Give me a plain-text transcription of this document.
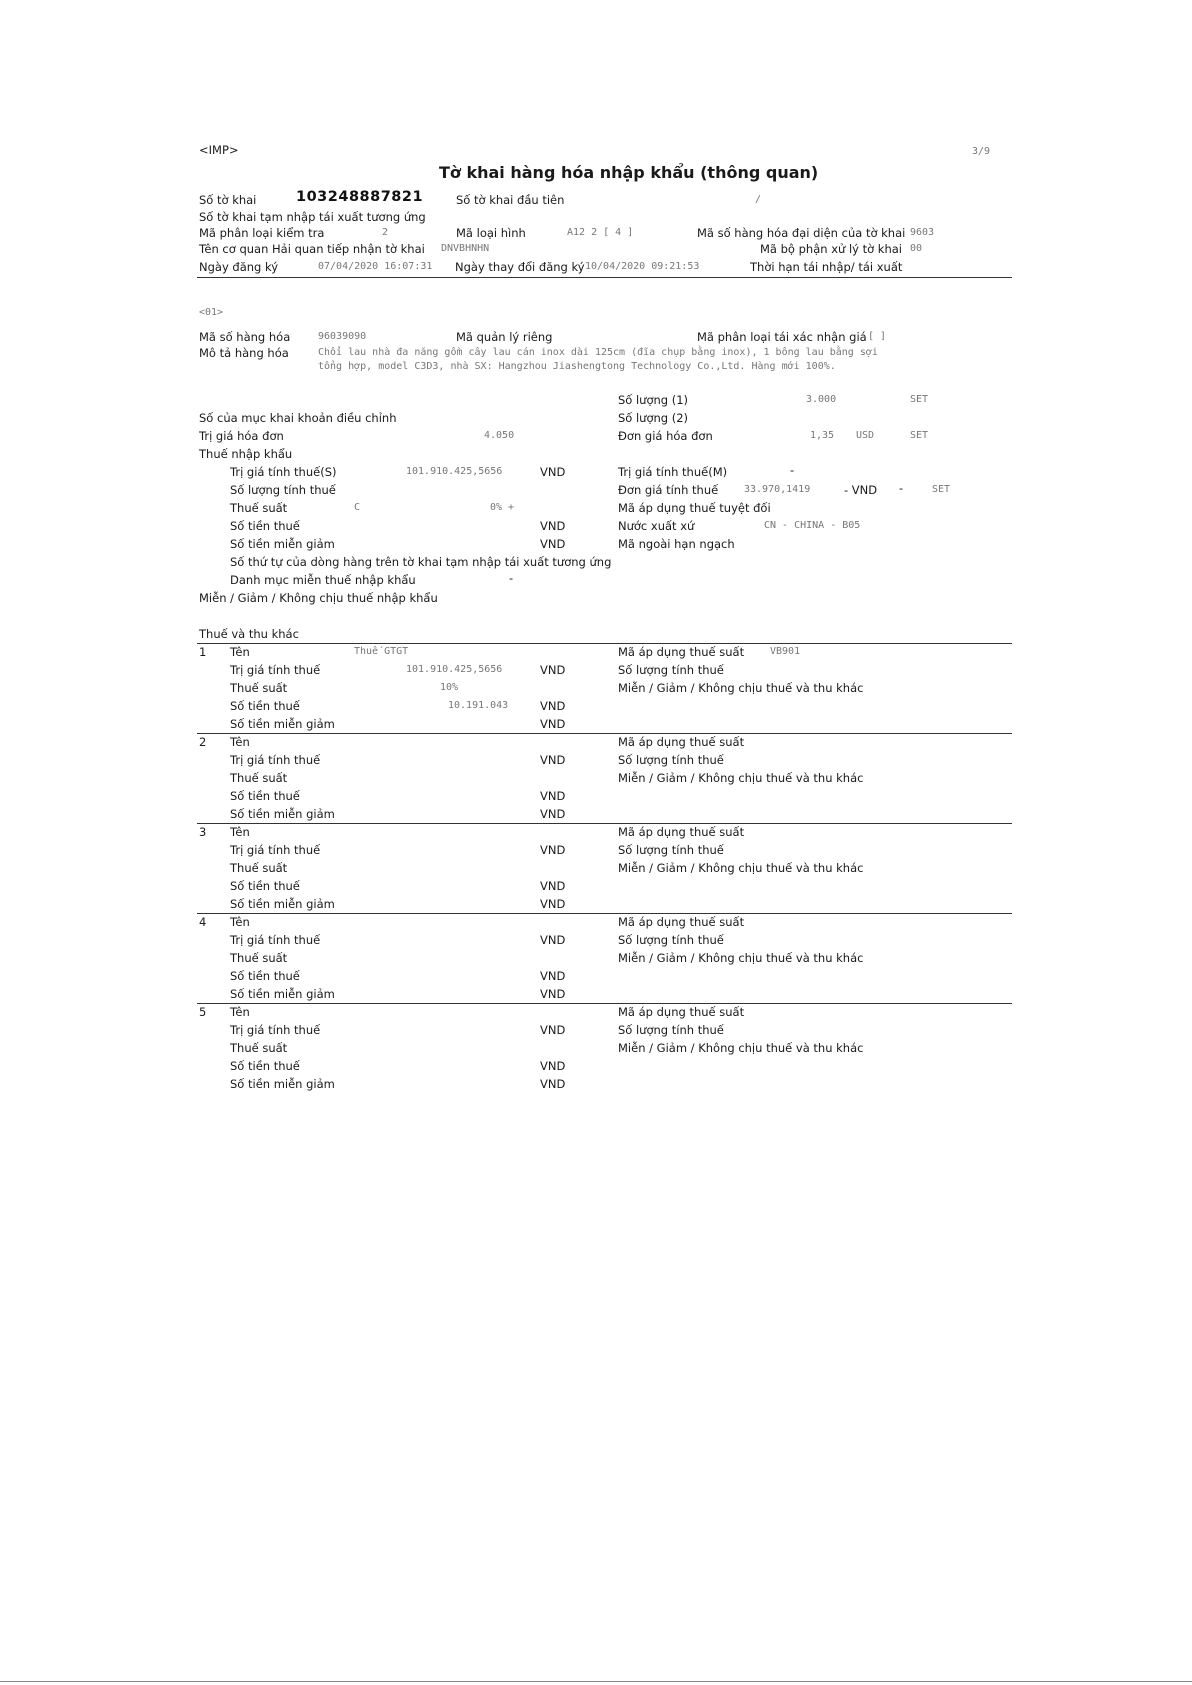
<IMP>	3/9
Tờ khai hàng hóa nhập khẩu (thông quan)
Số tờ khai	103248887821	Số tờ khai đầu tiên	/
Số tờ khai tạm nhập tái xuất tương ứng
Mã phân loại kiểm tra	2	Mã loại hình	A12 2 [ 4 ]	Mã số hàng hóa đại diện của tờ khai 9603
Tên cơ quan Hải quan tiếp nhận tờ khai DNVBHNHN	Mã bộ phận xử lý tờ khai 00
Ngày đăng ký	07/04/2020 16:07:31 Ngày thay đổi đăng ký 10/04/2020 09:21:53	Thời hạn tái nhập/ tái xuất
<01>
Mã số hàng hóa	96039090	Mã quản lý riêng	Mã phân loại tái xác nhận giá [ ]
Mô tả hàng hóa	Chổi lau nhà đa năng gồm cây lau cán inox dài 125cm (đĩa chụp bằng inox), 1 bông lau bằng sợi
tổng hợp, model C3D3, nhà SX: Hangzhou Jiashengtong Technology Co.,Ltd. Hàng mới 100%.
Số lượng (1)	3.000	SET
Số của mục khai khoản điều chỉnh	Số lượng (2)
Trị giá hóa đơn	4.050	Đơn giá hóa đơn	1,35 USD	SET
Thuế nhập khẩu
Trị giá tính thuế(S)	101.910.425,5656	VND	Trị giá tính thuế(M)	-
Số lượng tính thuế	Đơn giá tính thuế	33.970,1419	- VND -	SET
Thuế suất	C	0% +	Mã áp dụng thuế tuyệt đối
Số tiền thuế	VND	Nước xuất xứ	CN - CHINA - B05
Số tiền miễn giảm	VND	Mã ngoài hạn ngạch
Số thứ tự của dòng hàng trên tờ khai tạm nhập tái xuất tương ứng
Danh mục miễn thuế nhập khẩu	-
Miễn / Giảm / Không chịu thuế nhập khẩu
Thuế và thu khác
1 Tên	Thuế GTGT	Mã áp dụng thuế suất	VB901
Trị giá tính thuế	101.910.425,5656	VND	Số lượng tính thuế
Thuế suất	10%	Miễn / Giảm / Không chịu thuế và thu khác
Số tiền thuế	10.191.043	VND
Số tiền miễn giảm	VND
2 Tên	Mã áp dụng thuế suất
Trị giá tính thuế	VND	Số lượng tính thuế
Thuế suất	Miễn / Giảm / Không chịu thuế và thu khác
Số tiền thuế	VND
Số tiền miễn giảm	VND
3 Tên	Mã áp dụng thuế suất
Trị giá tính thuế	VND	Số lượng tính thuế
Thuế suất	Miễn / Giảm / Không chịu thuế và thu khác
Số tiền thuế	VND
Số tiền miễn giảm	VND
4 Tên	Mã áp dụng thuế suất
Trị giá tính thuế	VND	Số lượng tính thuế
Thuế suất	Miễn / Giảm / Không chịu thuế và thu khác
Số tiền thuế	VND
Số tiền miễn giảm	VND
5 Tên	Mã áp dụng thuế suất
Trị giá tính thuế	VND	Số lượng tính thuế
Thuế suất	Miễn / Giảm / Không chịu thuế và thu khác
Số tiền thuế	VND
Số tiền miễn giảm	VND
